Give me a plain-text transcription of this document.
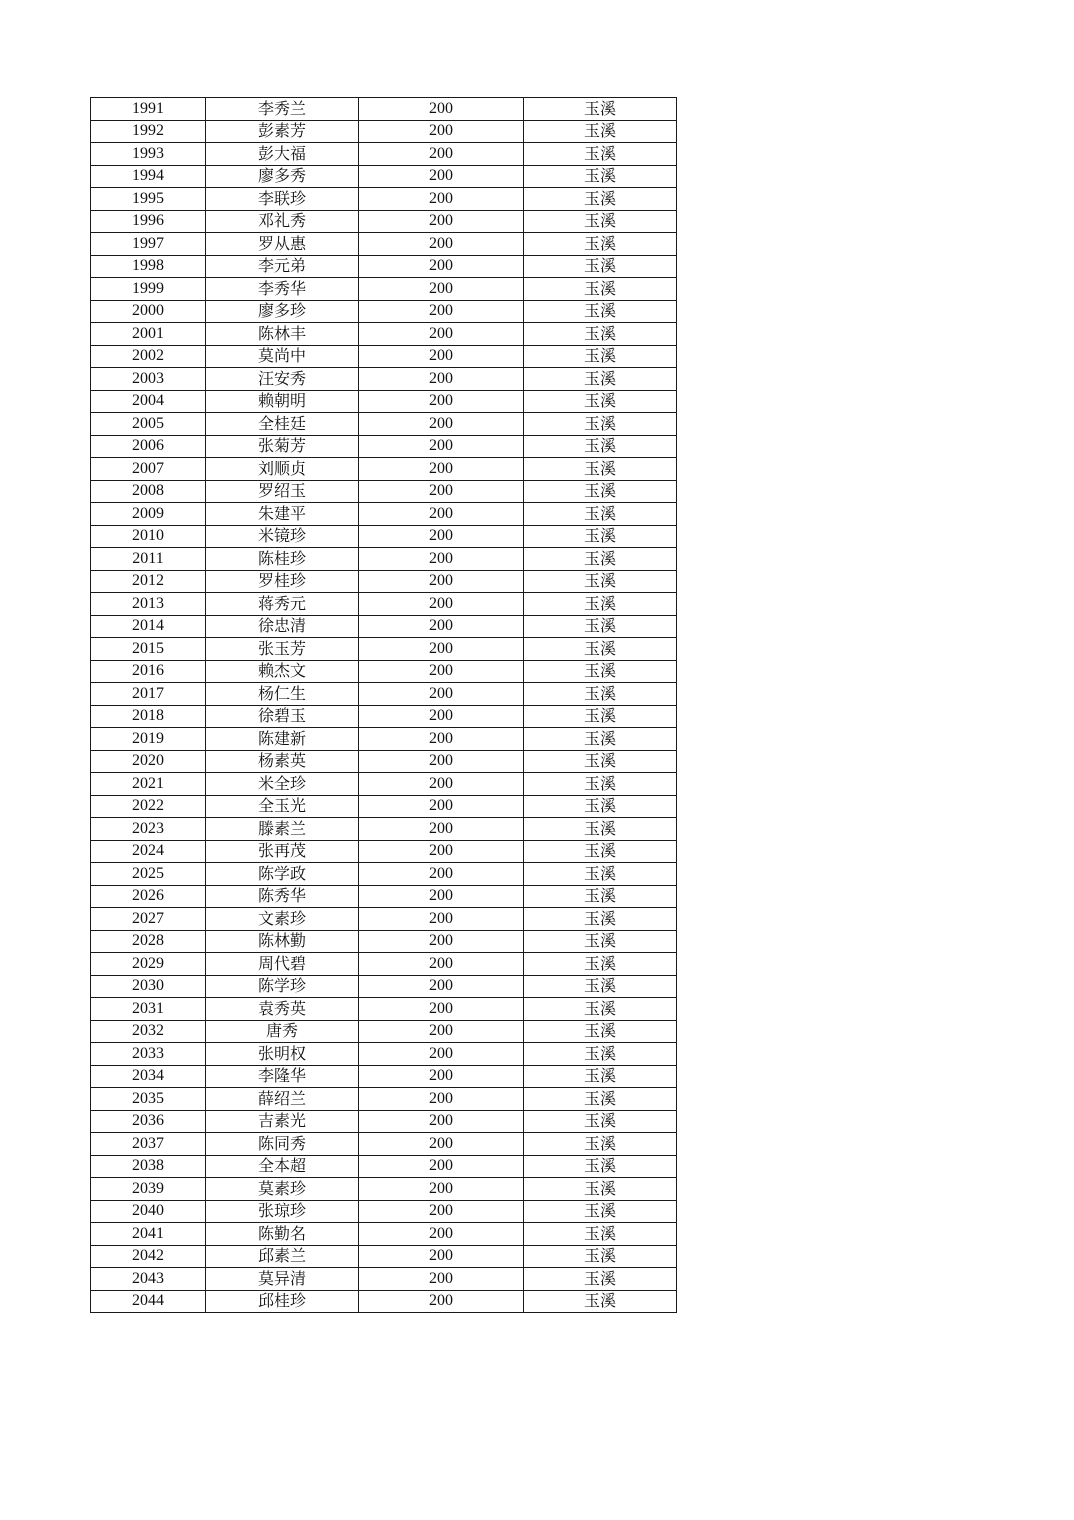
1991	李秀兰	200	玉溪
1992	彭素芳	200	玉溪
1993	彭大福	200	玉溪
1994	廖多秀	200	玉溪
1995	李联珍	200	玉溪
1996	邓礼秀	200	玉溪
1997	罗从惠	200	玉溪
1998	李元弟	200	玉溪
1999	李秀华	200	玉溪
2000	廖多珍	200	玉溪
2001	陈林丰	200	玉溪
2002	莫尚中	200	玉溪
2003	汪安秀	200	玉溪
2004	赖朝明	200	玉溪
2005	全桂廷	200	玉溪
2006	张菊芳	200	玉溪
2007	刘顺贞	200	玉溪
2008	罗绍玉	200	玉溪
2009	朱建平	200	玉溪
2010	米镜珍	200	玉溪
2011	陈桂珍	200	玉溪
2012	罗桂珍	200	玉溪
2013	蒋秀元	200	玉溪
2014	徐忠清	200	玉溪
2015	张玉芳	200	玉溪
2016	赖杰文	200	玉溪
2017	杨仁生	200	玉溪
2018	徐碧玉	200	玉溪
2019	陈建新	200	玉溪
2020	杨素英	200	玉溪
2021	米全珍	200	玉溪
2022	全玉光	200	玉溪
2023	滕素兰	200	玉溪
2024	张再茂	200	玉溪
2025	陈学政	200	玉溪
2026	陈秀华	200	玉溪
2027	文素珍	200	玉溪
2028	陈林勤	200	玉溪
2029	周代碧	200	玉溪
2030	陈学珍	200	玉溪
2031	袁秀英	200	玉溪
2032	唐秀	200	玉溪
2033	张明权	200	玉溪
2034	李隆华	200	玉溪
2035	薛绍兰	200	玉溪
2036	吉素光	200	玉溪
2037	陈同秀	200	玉溪
2038	全本超	200	玉溪
2039	莫素珍	200	玉溪
2040	张琼珍	200	玉溪
2041	陈勤名	200	玉溪
2042	邱素兰	200	玉溪
2043	莫异清	200	玉溪
2044	邱桂珍	200	玉溪
